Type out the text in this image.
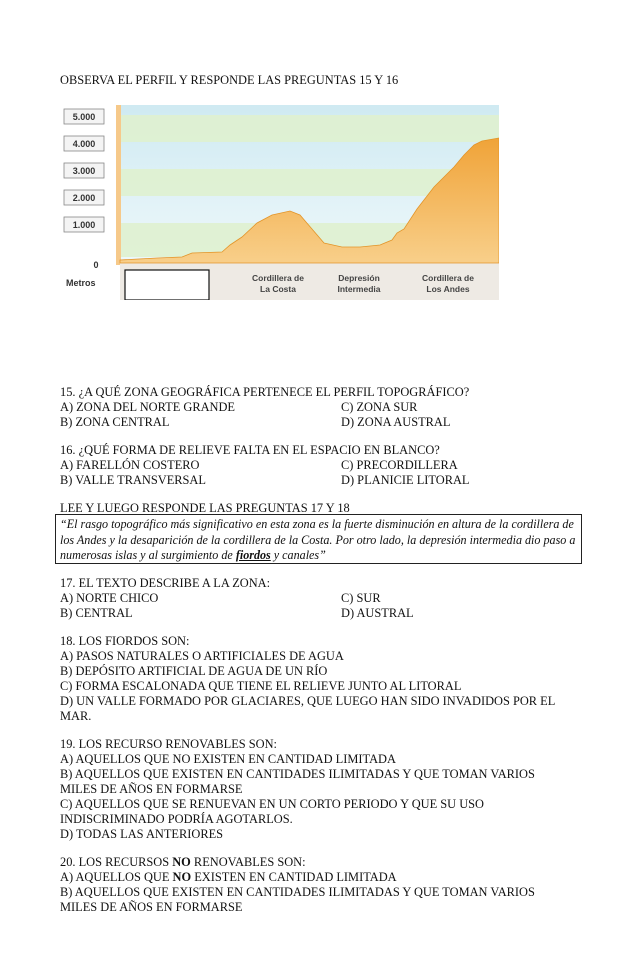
OBSERVA EL PERFIL Y RESPONDE LAS PREGUNTAS 15 Y 16
5.000
4.000
3.000
2.000
1.000
0
Metros	Cordillera de
La Costa
Depresión
Intermedia
Cordillera de
Los Andes
15. ¿A QUÉ ZONA GEOGRÁFICA PERTENECE EL PERFIL TOPOGRÁFICO?
A) ZONA DEL NORTE GRANDE	C) ZONA SUR
B) ZONA CENTRAL	D) ZONA AUSTRAL
16. ¿QUÉ FORMA DE RELIEVE FALTA EN EL ESPACIO EN BLANCO?
A) FARELLÓN COSTERO	C) PRECORDILLERA
B) VALLE TRANSVERSAL	D) PLANICIE LITORAL
LEE Y LUEGO RESPONDE LAS PREGUNTAS 17 Y 18
“El rasgo topográfico más significativo en esta zona es la fuerte disminución en altura de la cordillera de los Andes y la desaparición de la cordillera de la Costa. Por otro lado, la depresión intermedia dio paso a numerosas islas y al surgimiento de fiordos y canales”
17. EL TEXTO DESCRIBE A LA ZONA:
A) NORTE CHICO	C) SUR
B) CENTRAL	D) AUSTRAL
18. LOS FIORDOS SON:
A) PASOS NATURALES O ARTIFICIALES DE AGUA
B) DEPÓSITO ARTIFICIAL DE AGUA DE UN RÍO
C) FORMA ESCALONADA QUE TIENE EL RELIEVE JUNTO AL LITORAL
D) UN VALLE FORMADO POR GLACIARES, QUE LUEGO HAN SIDO INVADIDOS POR EL
MAR.
19. LOS RECURSO RENOVABLES SON:
A) AQUELLOS QUE NO EXISTEN EN CANTIDAD LIMITADA
B) AQUELLOS QUE EXISTEN EN CANTIDADES ILIMITADAS Y QUE TOMAN VARIOS
MILES DE AÑOS EN FORMARSE
C) AQUELLOS QUE SE RENUEVAN EN UN CORTO PERIODO Y QUE SU USO
INDISCRIMINADO PODRÍA AGOTARLOS.
D) TODAS LAS ANTERIORES
20. LOS RECURSOS NO RENOVABLES SON:
A) AQUELLOS QUE NO EXISTEN EN CANTIDAD LIMITADA
B) AQUELLOS QUE EXISTEN EN CANTIDADES ILIMITADAS Y QUE TOMAN VARIOS
MILES DE AÑOS EN FORMARSE
